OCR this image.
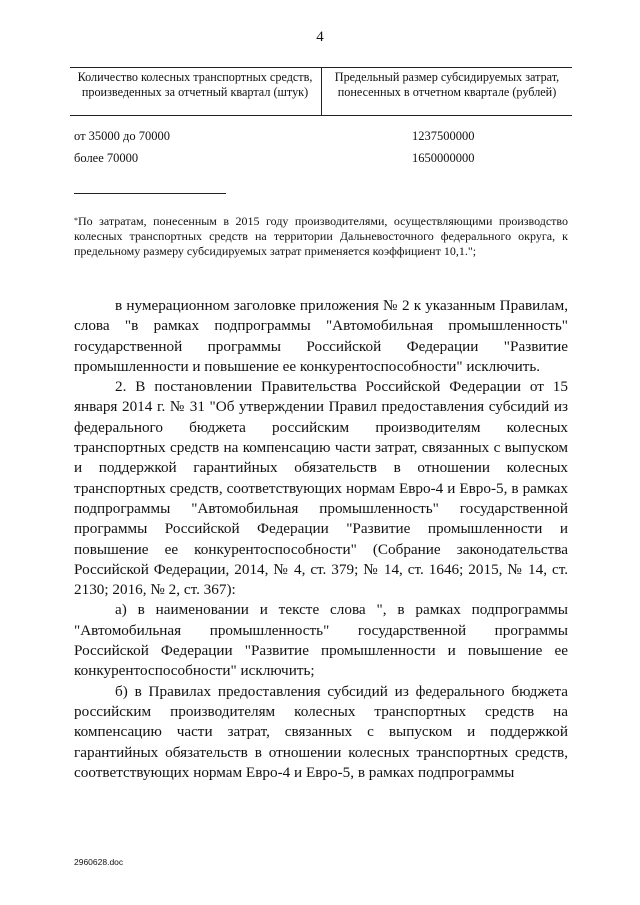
4
Количество колесных транспортных средств, произведенных за отчетный квартал (штук)
Предельный размер субсидируемых затрат, понесенных в отчетном квартале (рублей)
от 35000 до 70000	1237500000
более 70000	1650000000
*По затратам, понесенным в 2015 году производителями, осуществляющими производство колесных транспортных средств на территории Дальневосточного федерального округа, к предельному размеру субсидируемых затрат применяется коэффициент 10,1.";

в нумерационном заголовке приложения № 2 к указанным Правилам, слова "в рамках подпрограммы "Автомобильная промышленность" государственной программы Российской Федерации "Развитие промышленности и повышение ее конкурентоспособности" исключить.

2. В постановлении Правительства Российской Федерации от 15 января 2014 г. № 31 "Об утверждении Правил предоставления субсидий из федерального бюджета российским производителям колесных транспортных средств на компенсацию части затрат, связанных с выпуском и поддержкой гарантийных обязательств в отношении колесных транспортных средств, соответствующих нормам Евро-4 и Евро-5, в рамках подпрограммы "Автомобильная промышленность" государственной программы Российской Федерации "Развитие промышленности и повышение ее конкурентоспособности" (Собрание законодательства Российской Федерации, 2014, № 4, ст. 379; № 14, ст. 1646; 2015, № 14, ст. 2130; 2016, № 2, ст. 367):

а) в наименовании и тексте слова ", в рамках подпрограммы "Автомобильная промышленность" государственной программы Российской Федерации "Развитие промышленности и повышение ее конкурентоспособности" исключить;

б) в Правилах предоставления субсидий из федерального бюджета российским производителям колесных транспортных средств на компенсацию части затрат, связанных с выпуском и поддержкой гарантийных обязательств в отношении колесных транспортных средств, соответствующих нормам Евро-4 и Евро-5, в рамках подпрограммы

2960628.doc
